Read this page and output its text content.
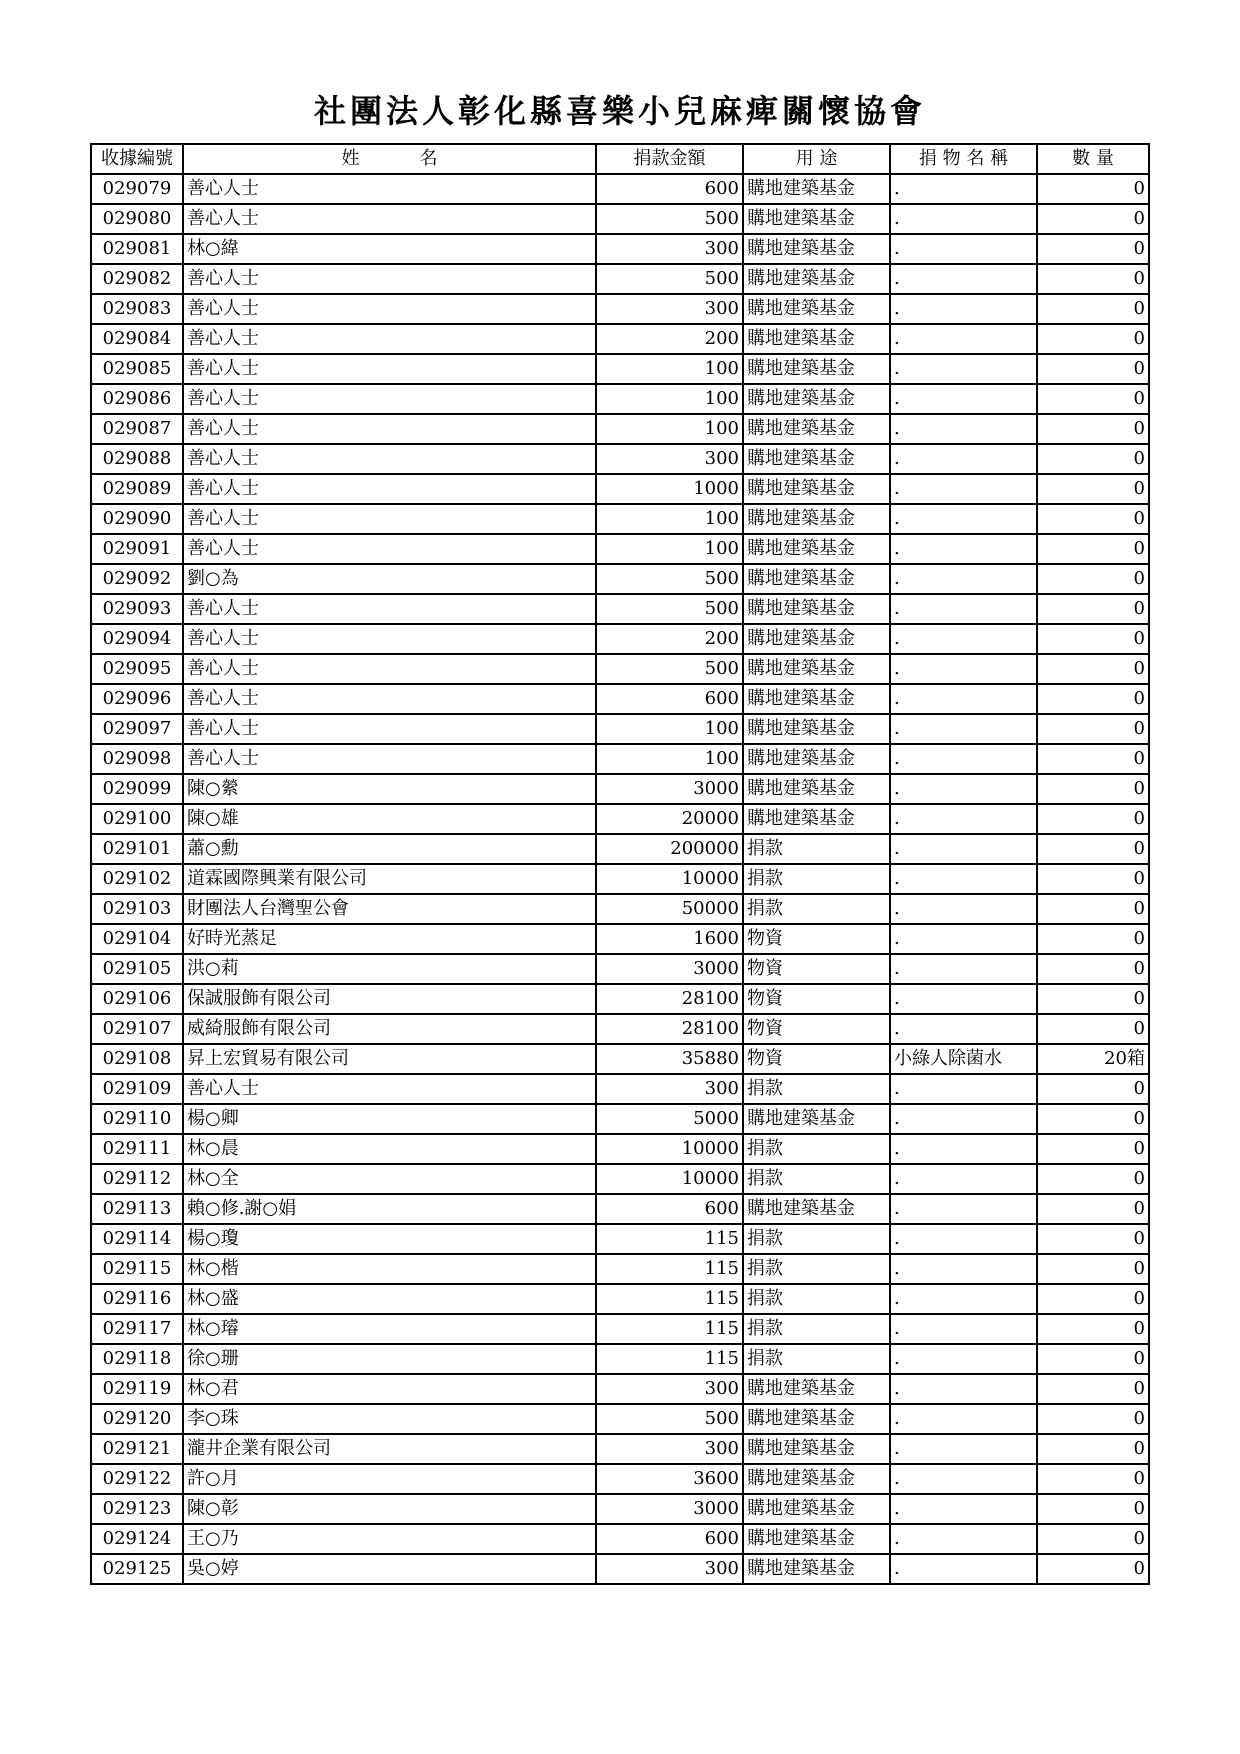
社團法人彰化縣喜樂小兒麻痺關懷協會
收據編號	姓 名	捐款金額	用 途	捐 物 名 稱	數 量
029079	善心人士	600	購地建築基金	.	0
029080	善心人士	500	購地建築基金	.	0
029081	林○緯	300	購地建築基金	.	0
029082	善心人士	500	購地建築基金	.	0
029083	善心人士	300	購地建築基金	.	0
029084	善心人士	200	購地建築基金	.	0
029085	善心人士	100	購地建築基金	.	0
029086	善心人士	100	購地建築基金	.	0
029087	善心人士	100	購地建築基金	.	0
029088	善心人士	300	購地建築基金	.	0
029089	善心人士	1000	購地建築基金	.	0
029090	善心人士	100	購地建築基金	.	0
029091	善心人士	100	購地建築基金	.	0
029092	劉○為	500	購地建築基金	.	0
029093	善心人士	500	購地建築基金	.	0
029094	善心人士	200	購地建築基金	.	0
029095	善心人士	500	購地建築基金	.	0
029096	善心人士	600	購地建築基金	.	0
029097	善心人士	100	購地建築基金	.	0
029098	善心人士	100	購地建築基金	.	0
029099	陳○縈	3000	購地建築基金	.	0
029100	陳○雄	20000	購地建築基金	.	0
029101	蕭○勳	200000	捐款	.	0
029102	道霖國際興業有限公司	10000	捐款	.	0
029103	財團法人台灣聖公會	50000	捐款	.	0
029104	好時光蒸足	1600	物資	.	0
029105	洪○莉	3000	物資	.	0
029106	保誠服飾有限公司	28100	物資	.	0
029107	威綺服飾有限公司	28100	物資	.	0
029108	昇上宏貿易有限公司	35880	物資	小綠人除菌水	20箱
029109	善心人士	300	捐款	.	0
029110	楊○卿	5000	購地建築基金	.	0
029111	林○晨	10000	捐款	.	0
029112	林○全	10000	捐款	.	0
029113	賴○修.謝○娟	600	購地建築基金	.	0
029114	楊○瓊	115	捐款	.	0
029115	林○楷	115	捐款	.	0
029116	林○盛	115	捐款	.	0
029117	林○璿	115	捐款	.	0
029118	徐○珊	115	捐款	.	0
029119	林○君	300	購地建築基金	.	0
029120	李○珠	500	購地建築基金	.	0
029121	瀧井企業有限公司	300	購地建築基金	.	0
029122	許○月	3600	購地建築基金	.	0
029123	陳○彰	3000	購地建築基金	.	0
029124	王○乃	600	購地建築基金	.	0
029125	吳○婷	300	購地建築基金	.	0
